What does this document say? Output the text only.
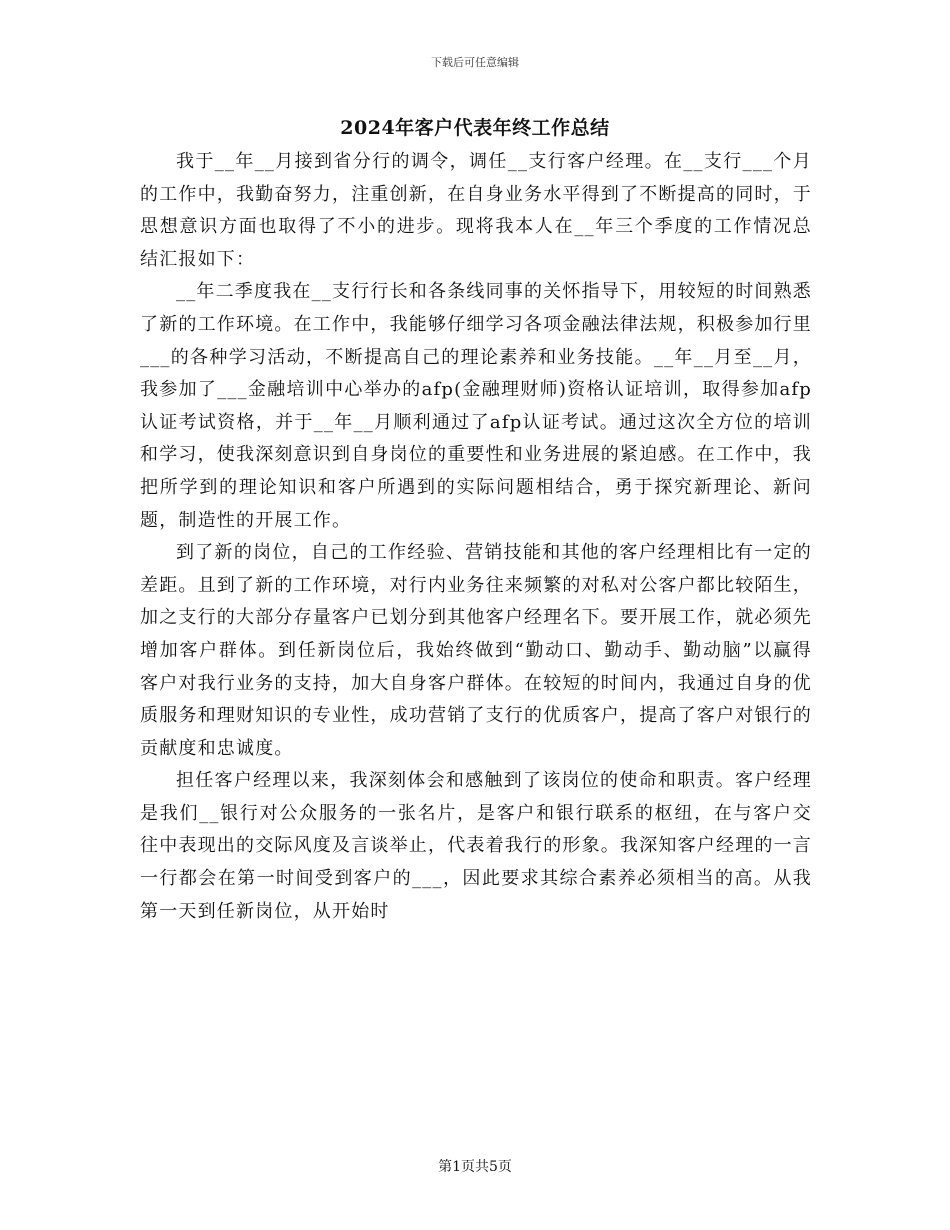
下载后可任意编辑
2024年客户代表年终工作总结

我于__年__月接到省分行的调令，调任__支行客户经理。在__支行___个月的工作中，我勤奋努力，注重创新，在自身业务水平得到了不断提高的同时，于思想意识方面也取得了不小的进步。现将我本人在__年三个季度的工作情况总结汇报如下：

__年二季度我在__支行行长和各条线同事的关怀指导下，用较短的时间熟悉了新的工作环境。在工作中，我能够仔细学习各项金融法律法规，积极参加行里___的各种学习活动，不断提高自己的理论素养和业务技能。__年__月至__月，我参加了___金融培训中心举办的afp(金融理财师)资格认证培训，取得参加afp认证考试资格，并于__年__月顺利通过了afp认证考试。通过这次全方位的培训和学习，使我深刻意识到自身岗位的重要性和业务进展的紧迫感。在工作中，我把所学到的理论知识和客户所遇到的实际问题相结合，勇于探究新理论、新问题，制造性的开展工作。

到了新的岗位，自己的工作经验、营销技能和其他的客户经理相比有一定的差距。且到了新的工作环境，对行内业务往来频繁的对私对公客户都比较陌生，加之支行的大部分存量客户已划分到其他客户经理名下。要开展工作，就必须先增加客户群体。到任新岗位后，我始终做到“勤动口、勤动手、勤动脑”以赢得客户对我行业务的支持，加大自身客户群体。在较短的时间内，我通过自身的优质服务和理财知识的专业性，成功营销了支行的优质客户，提高了客户对银行的贡献度和忠诚度。

担任客户经理以来，我深刻体会和感触到了该岗位的使命和职责。客户经理是我们__银行对公众服务的一张名片，是客户和银行联系的枢纽，在与客户交往中表现出的交际风度及言谈举止，代表着我行的形象。我深知客户经理的一言一行都会在第一时间受到客户的___，因此要求其综合素养必须相当的高。从我第一天到任新岗位，从开始时

第1页共5页
